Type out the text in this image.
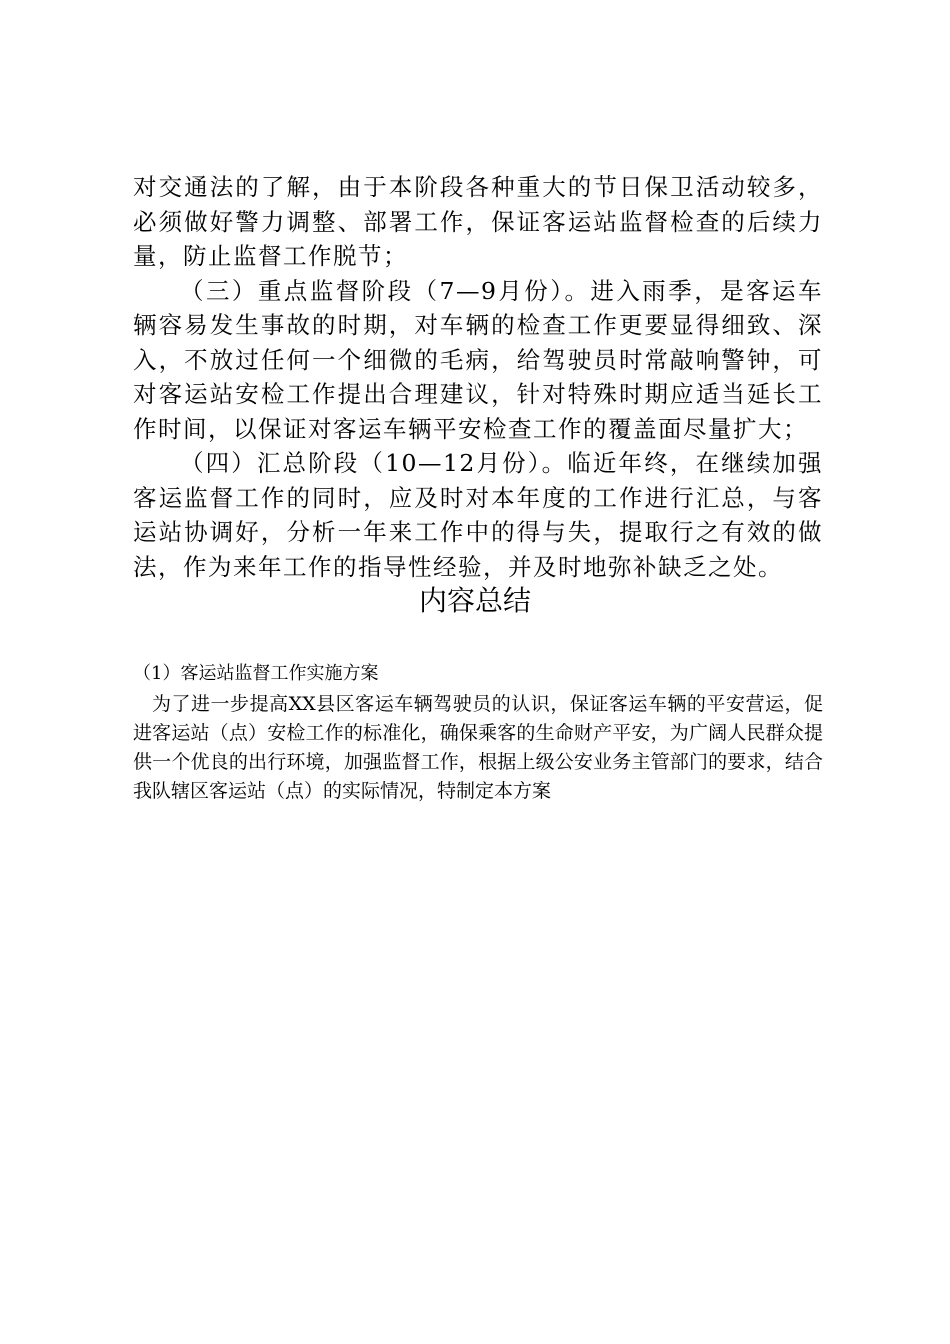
对交通法的了解，由于本阶段各种重大的节日保卫活动较多，必须做好警力调整、部署工作，保证客运站监督检查的后续力量，防止监督工作脱节；

（三）重点监督阶段（7—9月份）。进入雨季，是客运车辆容易发生事故的时期，对车辆的检查工作更要显得细致、深入，不放过任何一个细微的毛病，给驾驶员时常敲响警钟，可对客运站安检工作提出合理建议，针对特殊时期应适当延长工作时间，以保证对客运车辆平安检查工作的覆盖面尽量扩大；

（四）汇总阶段（10—12月份）。临近年终，在继续加强客运监督工作的同时，应及时对本年度的工作进行汇总，与客运站协调好，分析一年来工作中的得与失，提取行之有效的做法，作为来年工作的指导性经验，并及时地弥补缺乏之处。

内容总结

（1）客运站监督工作实施方案

为了进一步提高XX县区客运车辆驾驶员的认识，保证客运车辆的平安营运，促进客运站（点）安检工作的标准化，确保乘客的生命财产平安，为广阔人民群众提供一个优良的出行环境，加强监督工作，根据上级公安业务主管部门的要求，结合我队辖区客运站（点）的实际情况，特制定本方案
